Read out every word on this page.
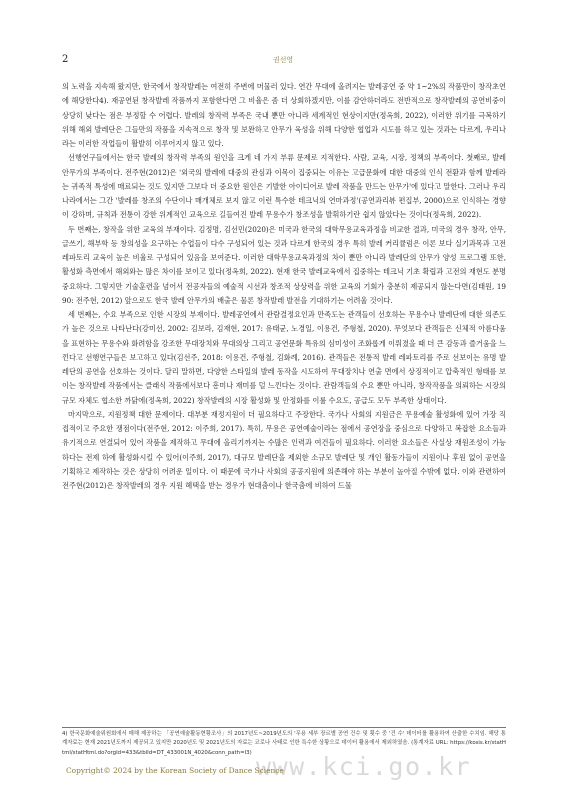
2	권선영

의 노력을 지속해 왔지만, 한국에서 창작발레는 여전히 주변에 머물러 있다. 연간 무대에 올려지는 발레공연 중 약 1~2%의 작품만이 창작초연에 해당한다4). 재공연된 창작발레 작품까지 포함한다면 그 비율은 좀 더 상회하겠지만, 이를 감안하더라도 전반적으로 창작발레의 공연비중이 상당히 낮다는 점은 부정할 수 어렵다. 발레의 창작력 부족은 국내 뿐만 아니라 세계적인 현상이지만(정옥희, 2022), 이러한 위기를 극복하기 위해 해외 발레단은 그들만의 작품을 지속적으로 창작 및 보완하고 안무가 육성을 위해 다양한 협업과 시도를 하고 있는 것과는 다르게, 우리나라는 이러한 작업들이 활발히 이루어지지 않고 있다.

선행연구들에서는 한국 발레의 창작력 부족의 원인을 크게 네 가지 부류 문제로 지적한다. 사람, 교육, 시장, 정책의 부족이다. 첫째로, 발레 안무가의 부족이다. 전주현(2012)은 '외국의 발레에 대중의 관심과 이목이 집중되는 이유는 고급문화에 대한 대중의 인식 전환과 함께 발레라는 귀족적 특성에 매료되는 것도 있지만 그보다 더 중요한 원인은 기발한 아이디어로 발레 작품을 만드는 안무가'에 있다고 말한다. 그러나 우리나라에서는 그간 '발레를 창조의 수단이나 매개체로 보지 않고 이런 특수한 테크닉의 연마과정'(공연과리뷰 편집부, 2000)으로 인식하는 경향이 강하며, 규칙과 전통이 강한 위계적인 교육으로 길들여진 발레 무용수가 창조성을 발휘하기란 쉽지 않았다는 것이다(정옥희, 2022).

두 번째는, 창작을 위한 교육의 부재이다. 김정명, 김선민(2020)은 미국과 한국의 대학무용교육과정을 비교한 결과, 미국의 경우 창작, 안무, 글쓰기, 해부학 등 창의성을 요구하는 수업들이 다수 구성되어 있는 것과 다르게 한국의 경우 특히 발레 커리큘럼은 이론 보다 실기과목과 고전 레파토리 교육이 높은 비율로 구성되어 있음을 보여준다. 이러한 대학무용교육과정의 차이 뿐만 아니라 발레단의 안무가 양성 프로그램 또한, 활성화 측면에서 해외와는 많은 차이를 보이고 있다(정옥희, 2022). 현재 한국 발레교육에서 집중하는 테크닉 기초 확립과 고전의 재현도 분명 중요하다. 그렇지만 기술훈련을 넘어서 전공자들의 예술적 시선과 창조적 상상력을 위한 교육의 기회가 충분히 제공되지 않는다면(김태원, 1990: 전주현, 2012) 앞으로도 한국 발레 안무가의 배출은 물론 창작발레 발전을 기대하기는 어려울 것이다.

세 번째는, 수요 부족으로 인한 시장의 부재이다. 발레공연에서 관람결정요인과 만족도는 관객들이 선호하는 무용수나 발레단에 대한 의존도가 높은 것으로 나타난다(강미선, 2002: 김보라, 김재현, 2017: 유태균, 노경일, 이용건, 주형철, 2020). 무엇보다 관객들은 신체적 아름다움을 표현하는 무용수와 화려함을 강조한 무대장치와 무대의상 그리고 공연문화 특유의 심미성이 조화롭게 이뤄졌을 때 더 큰 감동과 즐거움을 느낀다고 선행연구들은 보고하고 있다(김선주, 2018: 이용건, 주형철, 김화례, 2016). 관객들은 전통적 발레 레파토리를 주로 선보이는 유명 발레단의 공연을 선호하는 것이다. 달리 말하면, 다양한 스타일의 발레 동작을 시도하여 무대장치나 연출 면에서 상징적이고 압축적인 형태를 보이는 창작발레 작품에서는 클래식 작품에서보다 흥미나 재미를 덜 느낀다는 것이다. 관람객들의 수요 뿐만 아니라, 창작작품을 의뢰하는 시장의 규모 자체도 협소한 까닭에(정옥희, 2022) 창작발레의 시장 활성화 및 안정화를 이룰 수요도, 공급도 모두 부족한 상태이다.

마지막으로, 지원정책 대한 문제이다. 대부분 재정지원이 더 필요하다고 주장한다. 국가나 사회의 지원금은 무용예술 활성화에 있어 가장 직접적이고 주요한 쟁점이다(전주현, 2012: 이주희, 2017). 특히, 무용은 공연예술이라는 점에서 공연장을 중심으로 다양하고 복잡한 요소들과 유기적으로 연결되어 있어 작품을 제작하고 무대에 올리기까지는 수많은 인력과 여건들이 필요하다. 이러한 요소들은 사실상 재원조성이 가능하다는 전제 하에 활성화시킬 수 있어(이주희, 2017), 대규모 발레단을 제외한 소규모 발레단 및 개인 활동가들이 지원이나 후원 없이 공연을 기획하고 제작하는 것은 상당히 어려운 일이다. 이 때문에 국가나 사회의 공공지원에 의존해야 하는 부분이 높아질 수밖에 없다. 이와 관련하여 전주현(2012)은 창작발레의 경우 지원 혜택을 받는 경우가 현대춤이나 한국춤에 비하여 드물

4) 한국문화예술위원회에서 매해 제공하는 「공연예술활동현황조사」의 2017년도~2019년도의 '무용 세부 장르별 공연 건수 및 횟수 중 '건 수' 데이터를 활용하여 산출한 수치임. 해당 통계자료는 현재 2021년도까지 제공되고 있지만 2020년도 및 2021년도의 자료는 코로나 사태로 인한 특수한 상황으로 데이터 활용에서 제외하였음. (통계자료 URL: https://kosis.kr/statHtml/statHtml.do?orgId=433&tblId=DT_433001N_4020&conn_path=I3) www.kci.go.kr
Copyright© 2024 by the Korean Society of Dance Science
